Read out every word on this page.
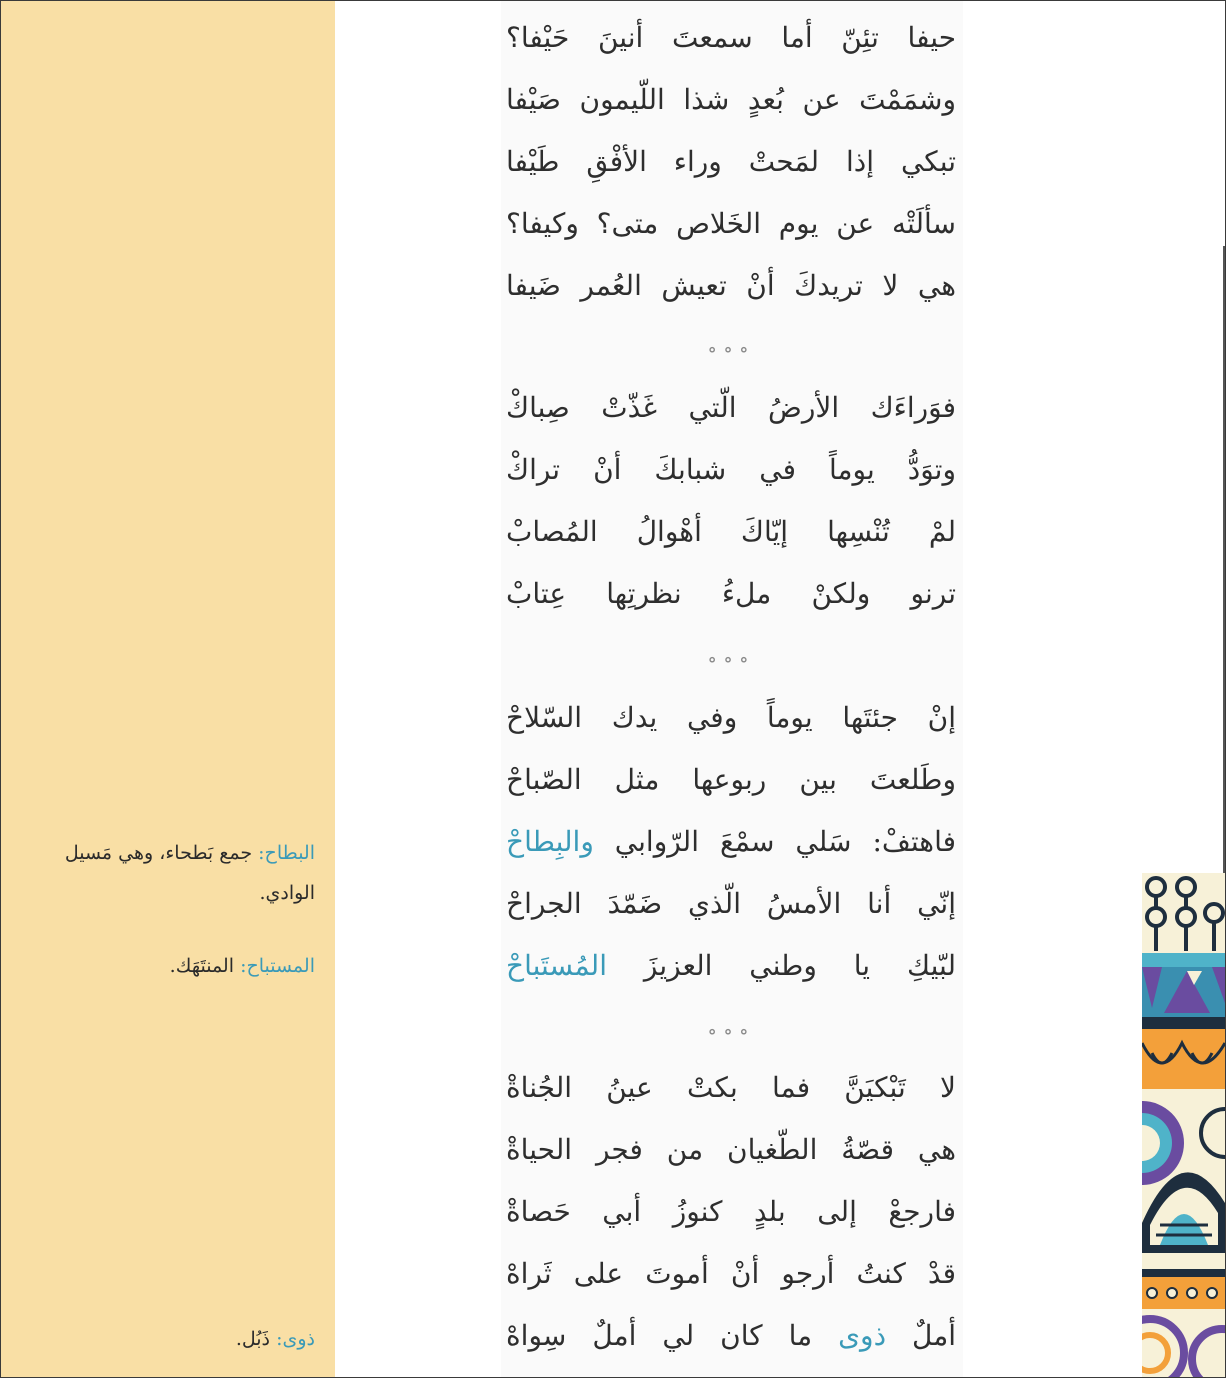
البطاح: جمع بَطحاء، وهي مَسيل الوادي.
المستباح: المنتَهَك.
ذوى: ذَبُل.
حيفا تئِنّ أما سمعتَ أنينَ حَيْفا؟
وشمَمْتَ عن بُعدٍ شذا اللّيمون صَيْفا
تبكي إذا لمَحتْ وراء الأفْقِ طَيْفا
سألَتْه عن يوم الخَلاص متى؟ وكيفا؟
هي لا تريدكَ أنْ تعيش العُمر ضَيفا
∘∘∘
فوَراءَك الأرضُ الّتي غَذّتْ صِباكْ
وتوَدُّ يوماً في شبابكَ أنْ تراكْ
لمْ تُنْسِها إيّاكَ أهْوالُ المُصابْ
ترنو ولكنْ ملءُ نظرتِها عِتابْ
∘∘∘
إنْ جئتَها يوماً وفي يدك السّلاحْ
وطَلعتَ بين ربوعها مثل الصّباحْ
فاهتفْ: سَلي سمْعَ الرّوابي والبِطاحْ
إنّي أنا الأمسُ الّذي ضَمّدَ الجراحْ
لبّيكِ يا وطني العزيزَ المُستَباحْ
∘∘∘
لا تَبْكيَنَّ فما بكتْ عينُ الجُناةْ
هي قصّةُ الطّغيان من فجر الحياةْ
فارجعْ إلى بلدٍ كنوزُ أبي حَصاةْ
قدْ كنتُ أرجو أنْ أموتَ على ثَراهْ
أملٌ ذوى ما كان لي أملٌ سِواهْ
